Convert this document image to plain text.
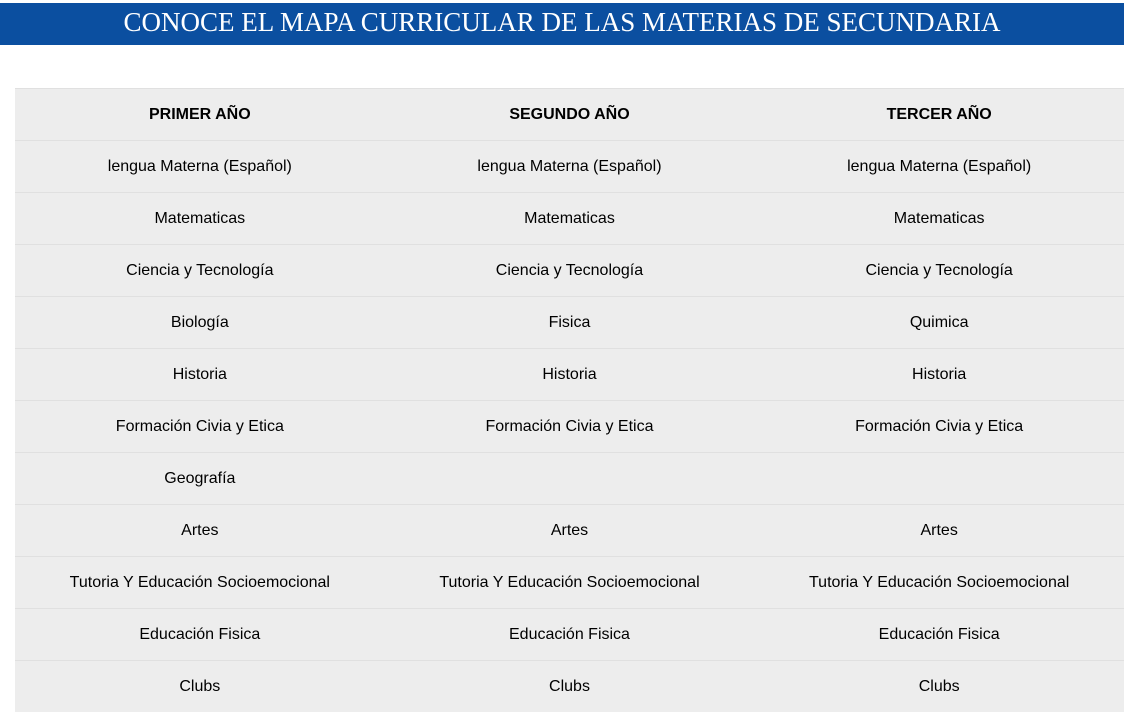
CONOCE EL MAPA CURRICULAR DE LAS MATERIAS DE SECUNDARIA
PRIMER AÑO	SEGUNDO AÑO	TERCER AÑO
lengua Materna (Español)	lengua Materna (Español)	lengua Materna (Español)
Matematicas	Matematicas	Matematicas
Ciencia y Tecnología	Ciencia y Tecnología	Ciencia y Tecnología
Biología	Fisica	Quimica
Historia	Historia	Historia
Formación Civia y Etica	Formación Civia y Etica	Formación Civia y Etica
Geografía		
Artes	Artes	Artes
Tutoria Y Educación Socioemocional	Tutoria Y Educación Socioemocional	Tutoria Y Educación Socioemocional
Educación Fisica	Educación Fisica	Educación Fisica
Clubs	Clubs	Clubs
